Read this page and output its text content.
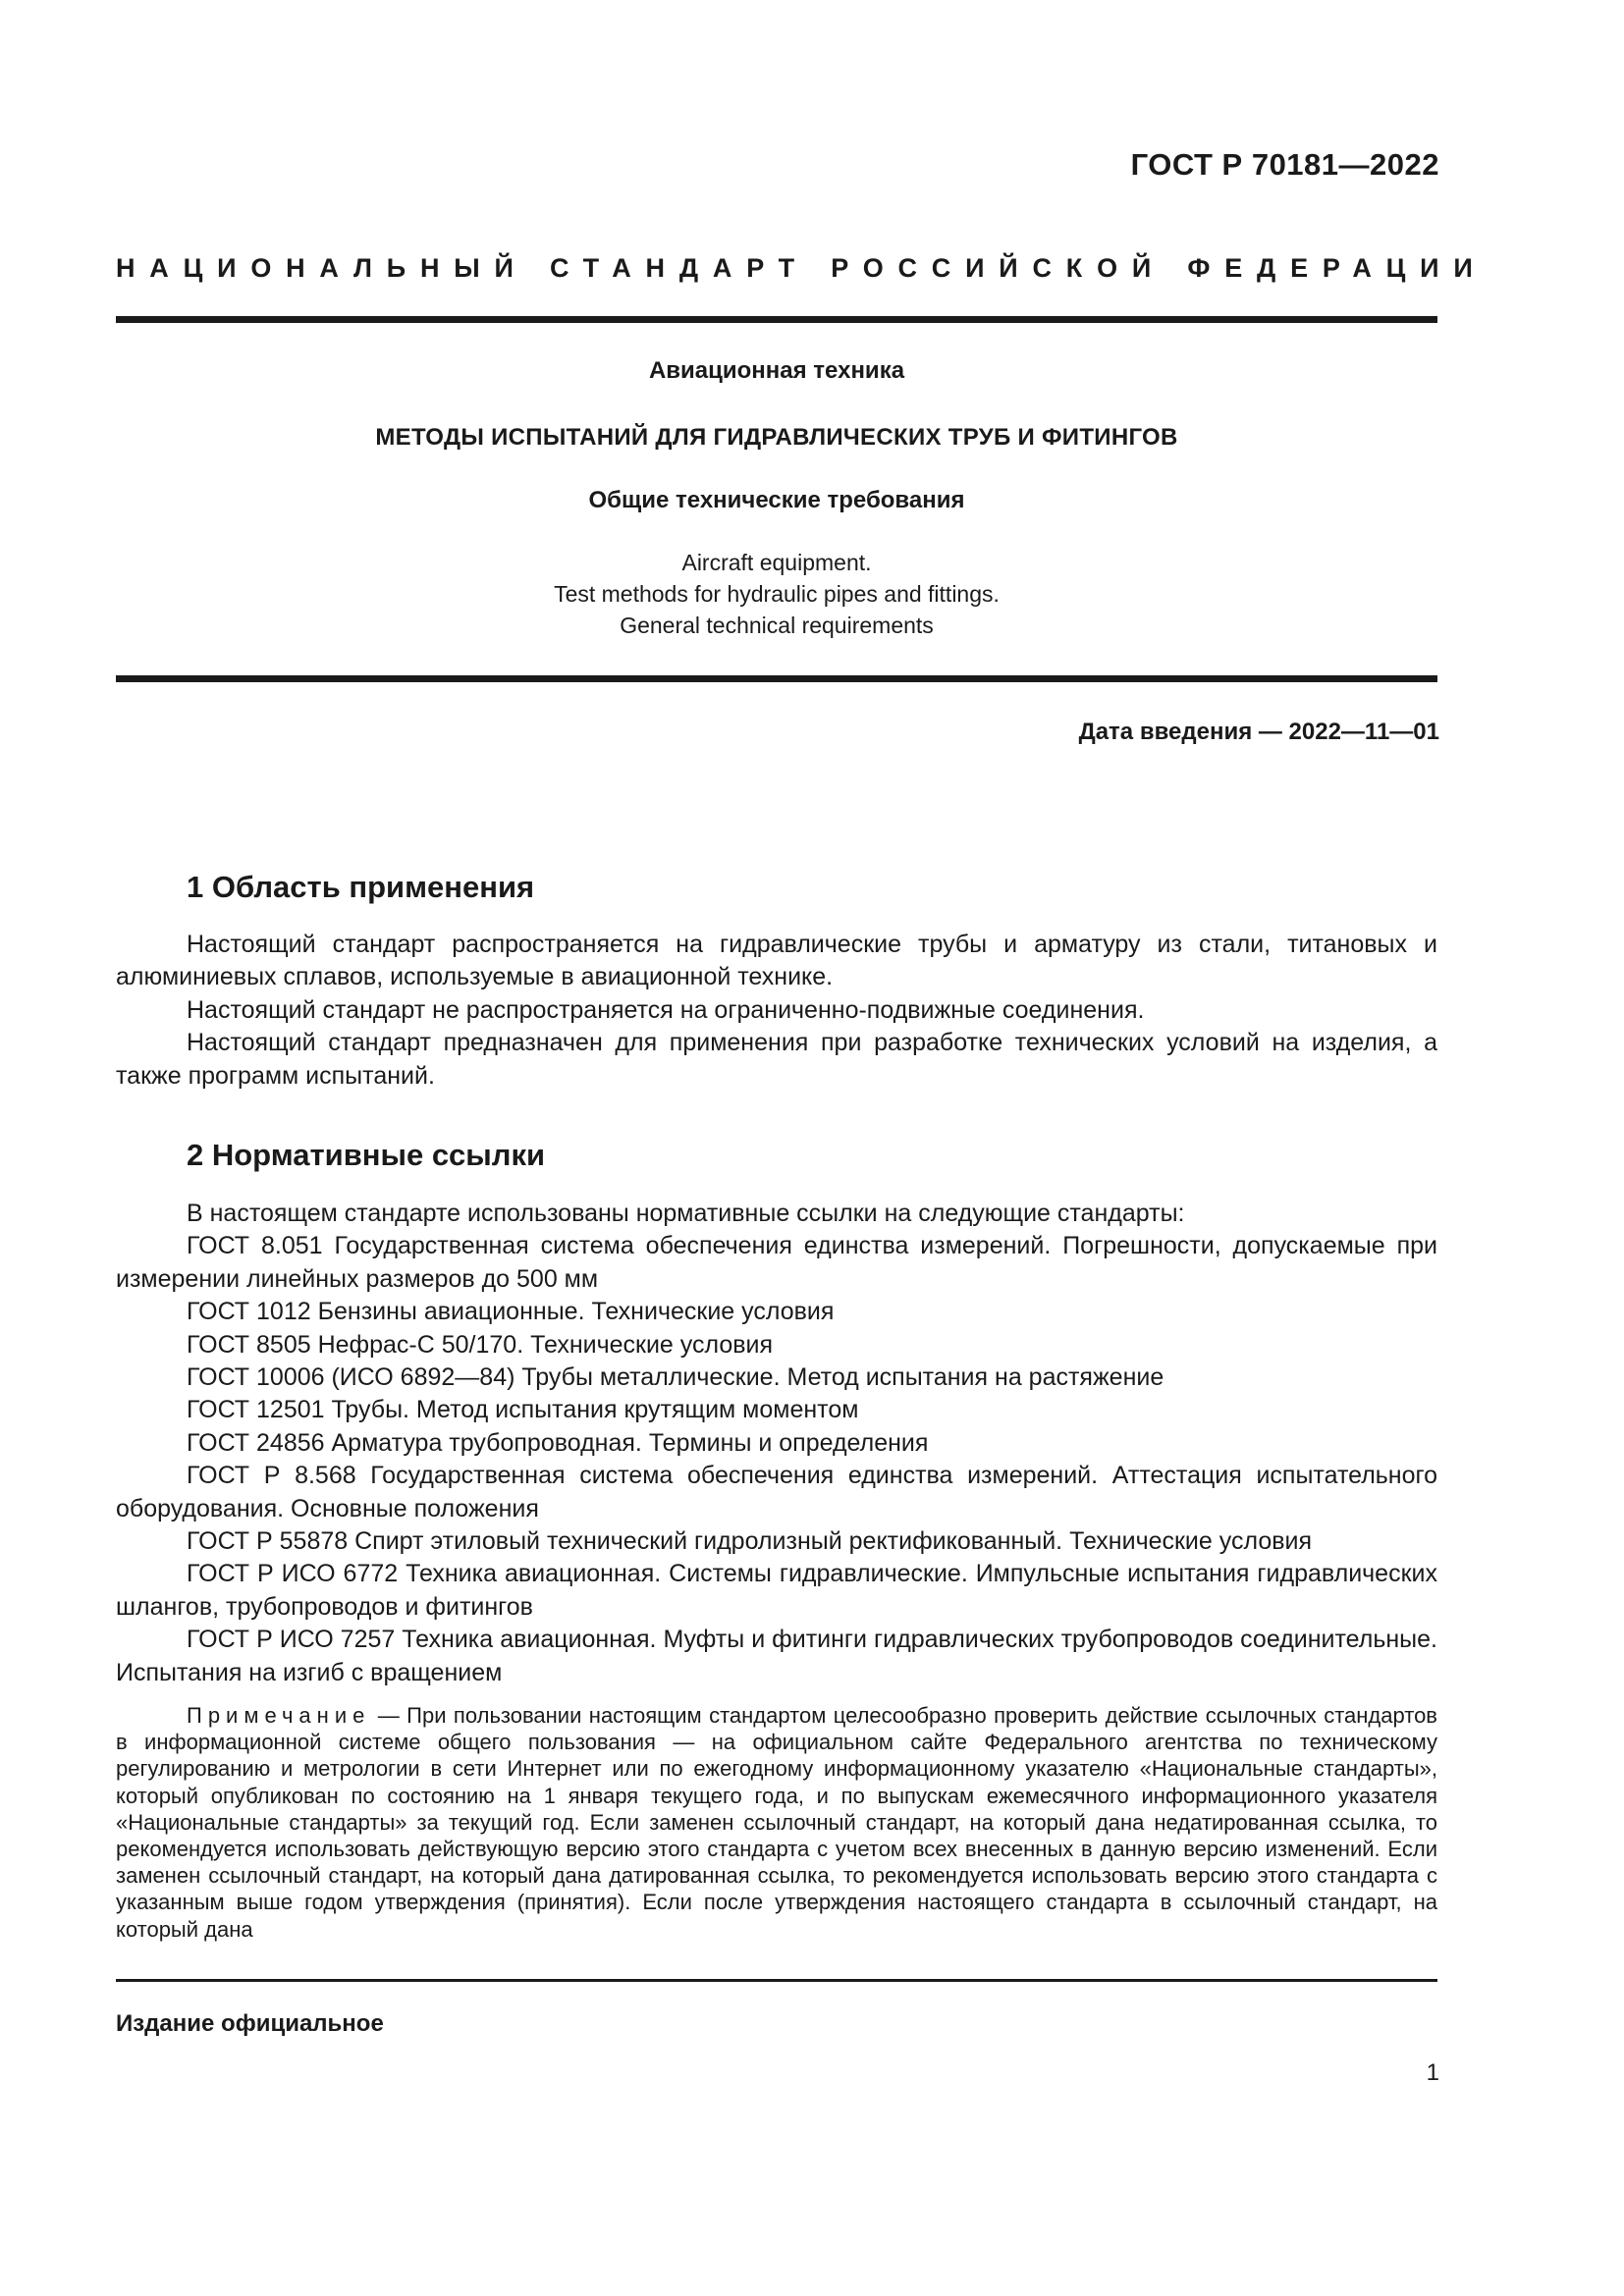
ГОСТ Р 70181—2022
НАЦИОНАЛЬНЫЙ СТАНДАРТ РОССИЙСКОЙ ФЕДЕРАЦИИ
Авиационная техника
МЕТОДЫ ИСПЫТАНИЙ ДЛЯ ГИДРАВЛИЧЕСКИХ ТРУБ И ФИТИНГОВ
Общие технические требования
Aircraft equipment.
Test methods for hydraulic pipes and fittings.
General technical requirements
Дата введения — 2022—11—01
1 Область применения

Настоящий стандарт распространяется на гидравлические трубы и арматуру из стали, титановых и алюминиевых сплавов, используемые в авиационной технике.

Настоящий стандарт не распространяется на ограниченно-подвижные соединения.

Настоящий стандарт предназначен для применения при разработке технических условий на изделия, а также программ испытаний.

2 Нормативные ссылки

В настоящем стандарте использованы нормативные ссылки на следующие стандарты:

ГОСТ 8.051 Государственная система обеспечения единства измерений. Погрешности, допускаемые при измерении линейных размеров до 500 мм

ГОСТ 1012 Бензины авиационные. Технические условия

ГОСТ 8505 Нефрас-С 50/170. Технические условия

ГОСТ 10006 (ИСО 6892—84) Трубы металлические. Метод испытания на растяжение

ГОСТ 12501 Трубы. Метод испытания крутящим моментом

ГОСТ 24856 Арматура трубопроводная. Термины и определения

ГОСТ Р 8.568 Государственная система обеспечения единства измерений. Аттестация испытательного оборудования. Основные положения

ГОСТ Р 55878 Спирт этиловый технический гидролизный ректификованный. Технические условия

ГОСТ Р ИСО 6772 Техника авиационная. Системы гидравлические. Импульсные испытания гидравлических шлангов, трубопроводов и фитингов

ГОСТ Р ИСО 7257 Техника авиационная. Муфты и фитинги гидравлических трубопроводов соединительные. Испытания на изгиб с вращением

Примечание — При пользовании настоящим стандартом целесообразно проверить действие ссылочных стандартов в информационной системе общего пользования — на официальном сайте Федерального агентства по техническому регулированию и метрологии в сети Интернет или по ежегодному информационному указателю «Национальные стандарты», который опубликован по состоянию на 1 января текущего года, и по выпускам ежемесячного информационного указателя «Национальные стандарты» за текущий год. Если заменен ссылочный стандарт, на который дана недатированная ссылка, то рекомендуется использовать действующую версию этого стандарта с учетом всех внесенных в данную версию изменений. Если заменен ссылочный стандарт, на который дана датированная ссылка, то рекомендуется использовать версию этого стандарта с указанным выше годом утверждения (принятия). Если после утверждения настоящего стандарта в ссылочный стандарт, на который дана
Издание официальное
1
